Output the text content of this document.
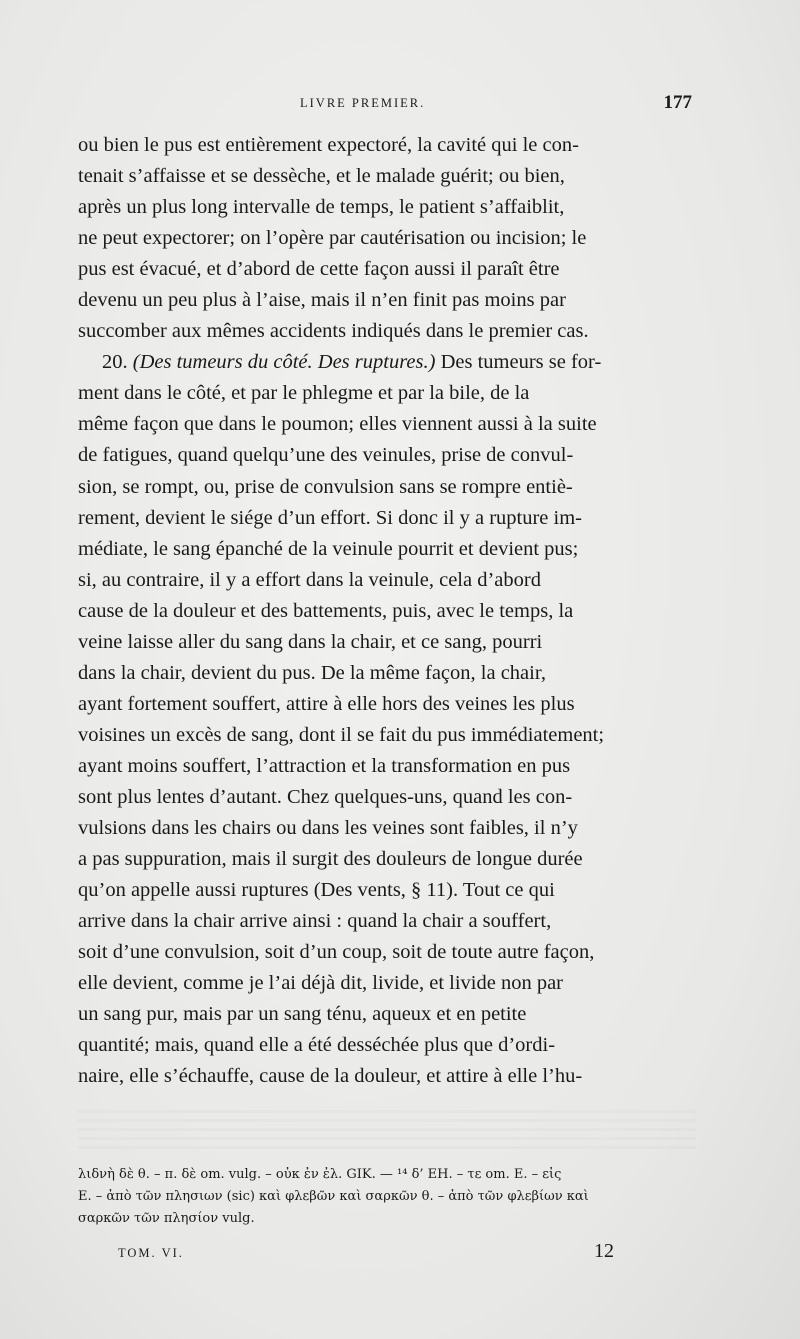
LIVRE PREMIER.	177
ou bien le pus est entièrement expectoré, la cavité qui le con-
tenait s’affaisse et se dessèche, et le malade guérit; ou bien,
après un plus long intervalle de temps, le patient s’affaiblit,
ne peut expectorer; on l’opère par cautérisation ou incision; le
pus est évacué, et d’abord de cette façon aussi il paraît être
devenu un peu plus à l’aise, mais il n’en finit pas moins par
succomber aux mêmes accidents indiqués dans le premier cas.
20. (Des tumeurs du côté. Des ruptures.) Des tumeurs se for-
ment dans le côté, et par le phlegme et par la bile, de la
même façon que dans le poumon; elles viennent aussi à la suite
de fatigues, quand quelqu’une des veinules, prise de convul-
sion, se rompt, ou, prise de convulsion sans se rompre entiè-
rement, devient le siége d’un effort. Si donc il y a rupture im-
médiate, le sang épanché de la veinule pourrit et devient pus;
si, au contraire, il y a effort dans la veinule, cela d’abord
cause de la douleur et des battements, puis, avec le temps, la
veine laisse aller du sang dans la chair, et ce sang, pourri
dans la chair, devient du pus. De la même façon, la chair,
ayant fortement souffert, attire à elle hors des veines les plus
voisines un excès de sang, dont il se fait du pus immédiatement;
ayant moins souffert, l’attraction et la transformation en pus
sont plus lentes d’autant. Chez quelques-uns, quand les con-
vulsions dans les chairs ou dans les veines sont faibles, il n’y
a pas suppuration, mais il surgit des douleurs de longue durée
qu’on appelle aussi ruptures (Des vents, § 11). Tout ce qui
arrive dans la chair arrive ainsi : quand la chair a souffert,
soit d’une convulsion, soit d’un coup, soit de toute autre façon,
elle devient, comme je l’ai déjà dit, livide, et livide non par
un sang pur, mais par un sang ténu, aqueux et en petite
quantité; mais, quand elle a été desséchée plus que d’ordi-
naire, elle s’échauffe, cause de la douleur, et attire à elle l’hu-
λιδνὴ δὲ θ. – π. δὲ om. vulg. – οὐκ ἐν ἐλ. GIK. — ¹⁴ δ’ EH. – τε om. E. – εἰς
E. – ἀπὸ τῶν πλησιων (sic) καὶ φλεβῶν καὶ σαρκῶν θ. – ἀπὸ τῶν φλεβίων καὶ
σαρκῶν τῶν πλησίον vulg.
TOM. VI.	12
